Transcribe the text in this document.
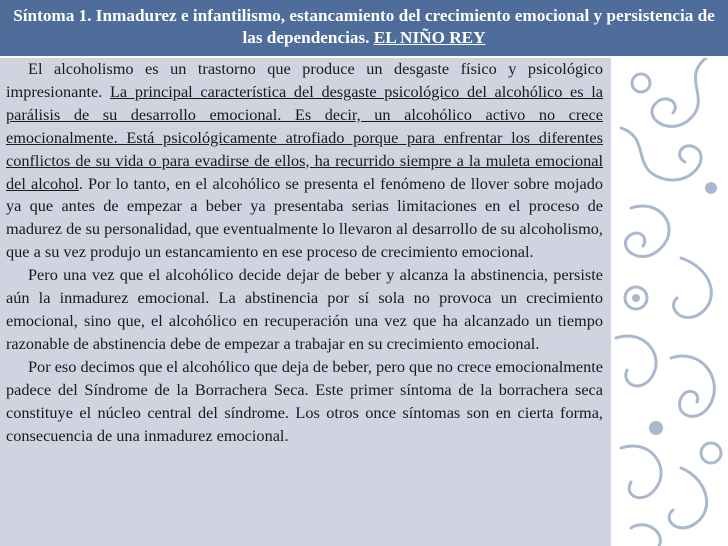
Síntoma 1. Inmadurez e infantilismo, estancamiento del crecimiento emocional y persistencia de las dependencias. EL NIÑO REY

El alcoholismo es un trastorno que produce un desgaste físico y psicológico impresionante. La principal característica del desgaste psicológico del alcohólico es la parálisis de su desarrollo emocional. Es decir, un alcohólico activo no crece emocionalmente. Está psicológicamente atrofiado porque para enfrentar los diferentes conflictos de su vida o para evadirse de ellos, ha recurrido siempre a la muleta emocional del alcohol. Por lo tanto, en el alcohólico se presenta el fenómeno de llover sobre mojado ya que antes de empezar a beber ya presentaba serias limitaciones en el proceso de madurez de su personalidad, que eventualmente lo llevaron al desarrollo de su alcoholismo, que a su vez produjo un estancamiento en ese proceso de crecimiento emocional.

Pero una vez que el alcohólico decide dejar de beber y alcanza la abstinencia, persiste aún la inmadurez emocional. La abstinencia por sí sola no provoca un crecimiento emocional, sino que, el alcohólico en recuperación una vez que ha alcanzado un tiempo razonable de abstinencia debe de empezar a trabajar en su crecimiento emocional.

Por eso decimos que el alcohólico que deja de beber, pero que no crece emocionalmente padece del Síndrome de la Borrachera Seca. Este primer síntoma de la borrachera seca constituye el núcleo central del síndrome. Los otros once síntomas son en cierta forma, consecuencia de una inmadurez emocional.
